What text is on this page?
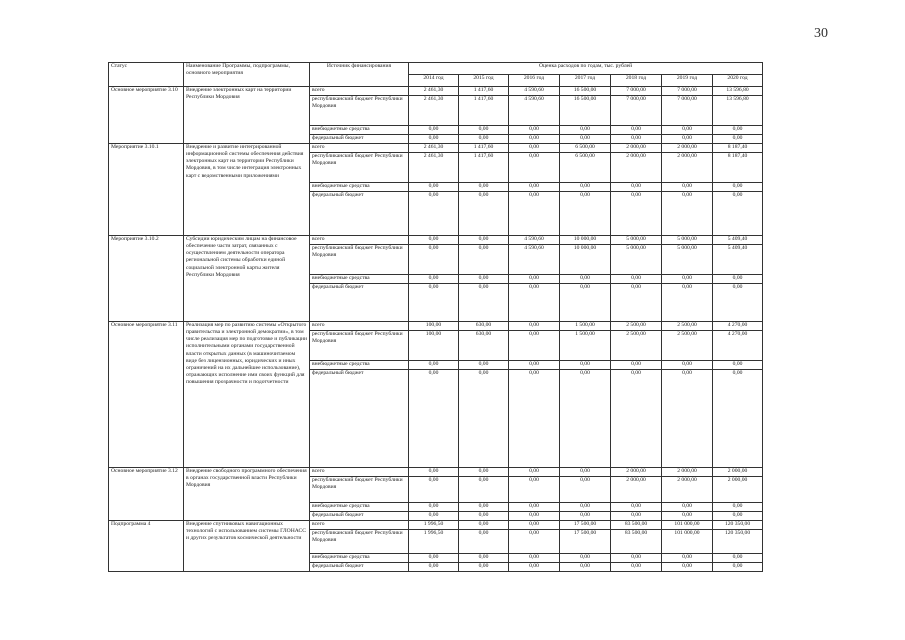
30
Статус	Наименование Программы, подпрограммы, основного мероприятия	Источник финансирования	Оценка расходов по годам, тыс. рублей						
			2014 год	2015 год	2016 год	2017 год	2018 год	2019 год	2020 год
Основное мероприятие 3.10	Внедрение электронных карт на территории Республики Мордовия	всего	2 461,30	1 417,60	4 590,60	16 500,00	7 000,00	7 000,00	13 596,80
		республиканский бюджет Республики Мордовия	2 461,30	1 417,60	4 590,60	16 500,00	7 000,00	7 000,00	13 596,80
		внебюджетные средства	0,00	0,00	0,00	0,00	0,00	0,00	0,00
		федеральный бюджет	0,00	0,00	0,00	0,00	0,00	0,00	0,00
Мероприятие 3.10.1	Внедрение и развитие интегрированной информационной системы обеспечения действия электронных карт на территории Республики Мордовия, в том числе интеграция электронных карт с ведомственными приложениями	всего	2 461,30	1 417,60	0,00	6 500,00	2 000,00	2 000,00	8 187,40
		республиканский бюджет Республики Мордовия	2 461,30	1 417,60	0,00	6 500,00	2 000,00	2 000,00	8 187,40
		внебюджетные средства	0,00	0,00	0,00	0,00	0,00	0,00	0,00
		федеральный бюджет	0,00	0,00	0,00	0,00	0,00	0,00	0,00
Мероприятие 3.10.2	Субсидии юридическим лицам на финансовое обеспечение части затрат, связанных с осуществлением деятельности оператора региональной системы обработки единой социальной электронной карты жителя Республики Мордовия	всего	0,00	0,00	4 590,60	10 000,00	5 000,00	5 000,00	5 409,40
		республиканский бюджет Республики Мордовия	0,00	0,00	4 590,60	10 000,00	5 000,00	5 000,00	5 409,40
		внебюджетные средства	0,00	0,00	0,00	0,00	0,00	0,00	0,00
		федеральный бюджет	0,00	0,00	0,00	0,00	0,00	0,00	0,00
Основное мероприятие 3.11	Реализация мер по развитию системы «Открытого правительства и электронной демократии», в том числе реализация мер по подготовке и публикации исполнительными органами государственной власти открытых данных (в машиночитаемом виде без лицензионных, юридических и иных ограничений на их дальнейшее использование), отражающих исполнение ими своих функций для повышения прозрачности и подотчетности	всего	100,00	630,00	0,00	1 500,00	2 500,00	2 500,00	4 270,00
		республиканский бюджет Республики Мордовия	100,00	630,00	0,00	1 500,00	2 500,00	2 500,00	4 270,00
		внебюджетные средства	0,00	0,00	0,00	0,00	0,00	0,00	0,00
		федеральный бюджет	0,00	0,00	0,00	0,00	0,00	0,00	0,00
Основное мероприятие 3.12	Внедрение свободного программного обеспечения в органах государственной власти Республики Мордовия	всего	0,00	0,00	0,00	0,00	2 000,00	2 000,00	2 000,00
		республиканский бюджет Республики Мордовия	0,00	0,00	0,00	0,00	2 000,00	2 000,00	2 000,00
		внебюджетные средства	0,00	0,00	0,00	0,00	0,00	0,00	0,00
		федеральный бюджет	0,00	0,00	0,00	0,00	0,00	0,00	0,00
Подпрограмма 4	Внедрение спутниковых навигационных технологий с использованием системы ГЛОНАСС и других результатов космической деятельности	всего	1 996,50	0,00	0,00	17 500,00	83 500,00	101 000,00	120 350,00
		республиканский бюджет Республики Мордовия	1 996,50	0,00	0,00	17 500,00	83 500,00	101 000,00	120 350,00
		внебюджетные средства	0,00	0,00	0,00	0,00	0,00	0,00	0,00
		федеральный бюджет	0,00	0,00	0,00	0,00	0,00	0,00	0,00
